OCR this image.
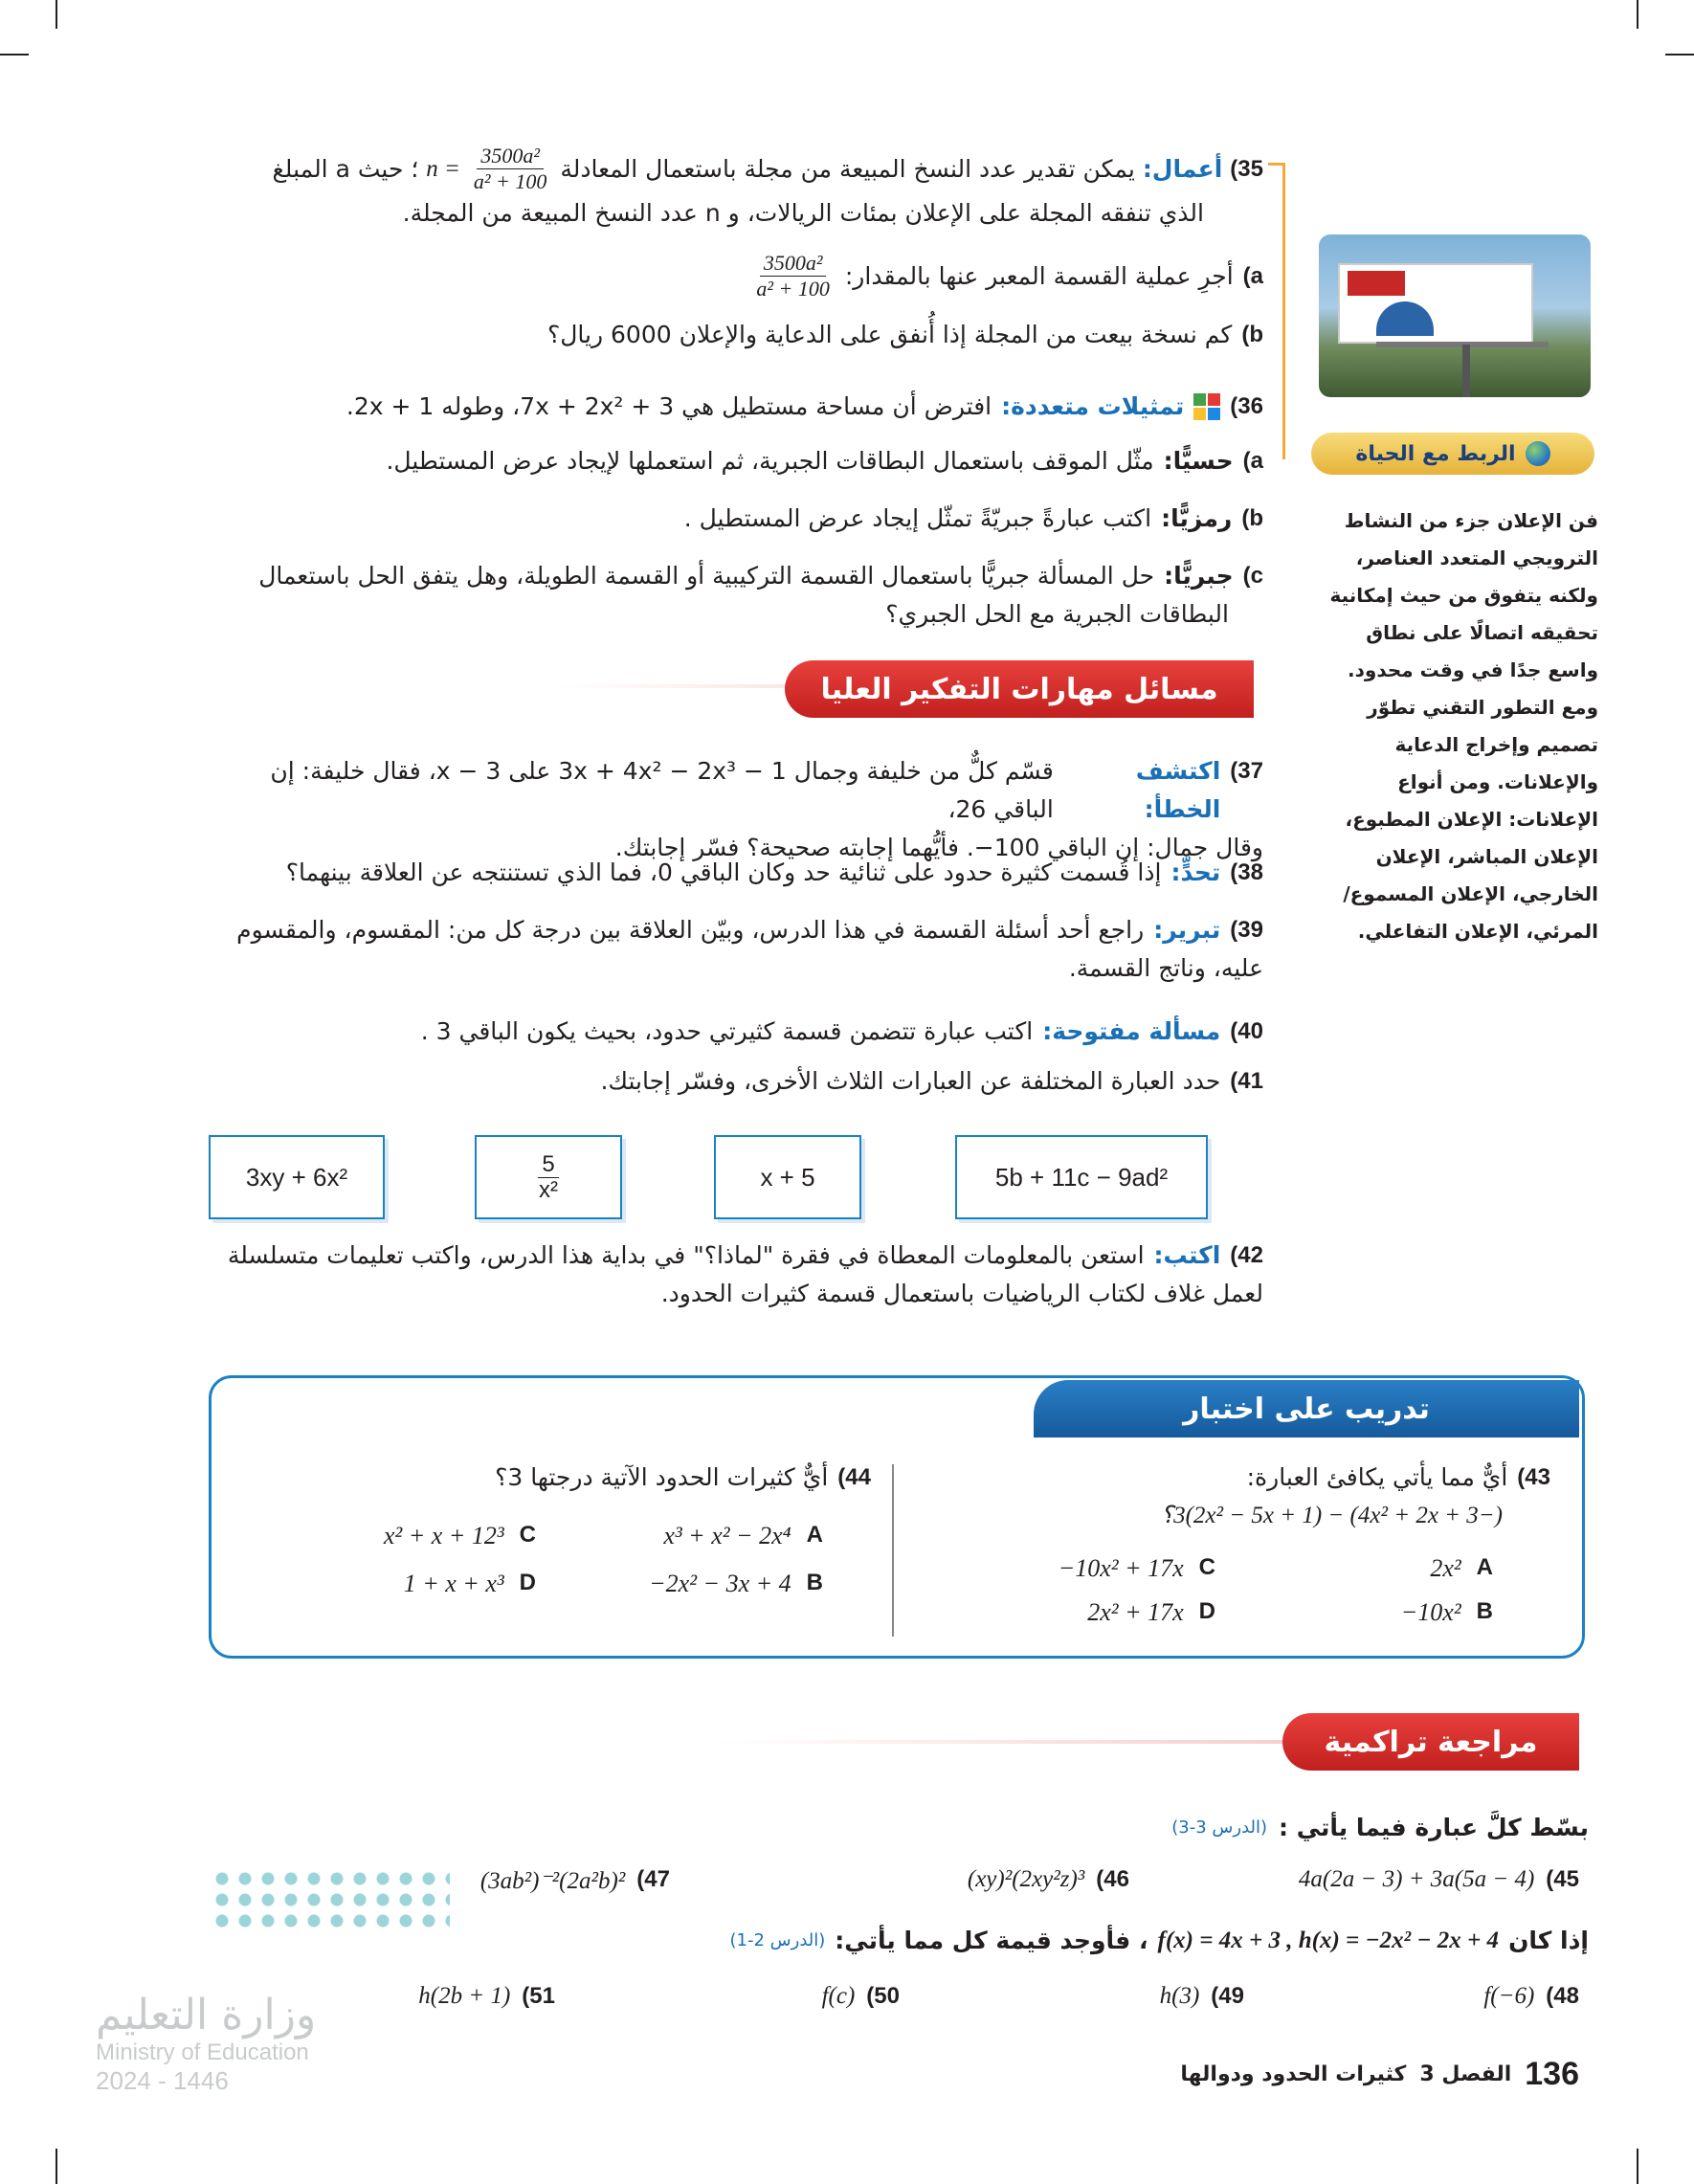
الربط مع الحياة

فن الإعلان جزء من النشاط

الترويجي المتعدد العناصر،

ولكنه يتفوق من حيث إمكانية

تحقيقه اتصالًا على نطاق

واسع جدًا في وقت محدود.

ومع التطور التقني تطوّر

تصميم وإخراج الدعاية

والإعلانات. ومن أنواع

الإعلانات: الإعلان المطبوع،

الإعلان المباشر، الإعلان

الخارجي، الإعلان المسموع/

المرئي، الإعلان التفاعلي.

35)
أعمال:
يمكن تقدير عدد النسخ المبيعة من مجلة باستعمال المعادلة
$\frac{\text{3500a²}}{\text{a² + 100}}$
n =
؛ حيث a المبلغ
الذي تنفقه المجلة على الإعلان بمئات الريالات، و n عدد النسخ المبيعة من المجلة.
a)
أجرِ عملية القسمة المعبر عنها بالمقدار:
$\frac{\text{3500a²}}{\text{a² + 100}}$
b)
كم نسخة بيعت من المجلة إذا أُنفق على الدعاية والإعلان 6000 ريال؟
36)
تمثيلات متعددة:
افترض أن مساحة مستطيل هي 3 + 7x + 2x²، وطوله 1 + 2x.
a)
حسيًّا:
مثّل الموقف باستعمال البطاقات الجبرية، ثم استعملها لإيجاد عرض المستطيل.
b)
رمزيًّا:
اكتب عبارةً جبريّةً تمثّل إيجاد عرض المستطيل .
c)
جبريًّا:
حل المسألة جبريًّا باستعمال القسمة التركيبية أو القسمة الطويلة، وهل يتفق الحل باستعمال
البطاقات الجبرية مع الحل الجبري؟
مسائل مهارات التفكير العليا
37)
اكتشف الخطأ:
قسّم كلٌّ من خليفة وجمال 1 − 3x + 4x² − 2x³ على x − 3، فقال خليفة: إن الباقي 26،
وقال جمال: إن الباقي 100−. فأيُّهما إجابته صحيحة؟ فسّر إجابتك.
38)
تحدٍّ:
إذا قُسمت كثيرة حدود على ثنائية حد وكان الباقي 0، فما الذي تستنتجه عن العلاقة بينهما؟
39)
تبرير:
راجع أحد أسئلة القسمة في هذا الدرس، وبيّن العلاقة بين درجة كل من: المقسوم، والمقسوم
عليه، وناتج القسمة.
40)
مسألة مفتوحة:
اكتب عبارة تتضمن قسمة كثيرتي حدود، بحيث يكون الباقي 3 .
41)
حدد العبارة المختلفة عن العبارات الثلاث الأخرى، وفسّر إجابتك.
5b + 11c − 9ad²
x + 5
$\frac{5}{\text{x²}}$
3xy + 6x²
42)
اكتب:
استعن بالمعلومات المعطاة في فقرة "لماذا؟" في بداية هذا الدرس، واكتب تعليمات متسلسلة
لعمل غلاف لكتاب الرياضيات باستعمال قسمة كثيرات الحدود.
تدريب على اختبار
43)
أيٌّ مما يأتي يكافئ العبارة:
(−4x² + 2x + 3) − 3(2x² − 5x + 1)؟
A
2x²
B
−10x²
C
−10x² + 17x
D
2x² + 17x
44)
أيٌّ كثيرات الحدود الآتية درجتها 3؟
A
x³ + x² − 2x⁴
B
−2x² − 3x + 4
C
x² + x + 12³
D
1 + x + x³
مراجعة تراكمية
بسّط كلَّ عبارة فيما يأتي :
(الدرس 3-3)
45)
4a(2a − 3) + 3a(5a − 4)
46)
(xy)²(2xy²z)³
47)
(3ab²)⁻²(2a²b)²
إذا كان
f(x) = 4x + 3 , h(x) = −2x² − 2x + 4
، فأوجد قيمة كل مما يأتي:
(الدرس 2-1)
48)
f(−6)
49)
h(3)
50)
f(c)
51)
h(2b + 1)
وزارة التعليم
Ministry of Education
2024 - 1446	136
الفصل 3
كثيرات الحدود ودوالها
